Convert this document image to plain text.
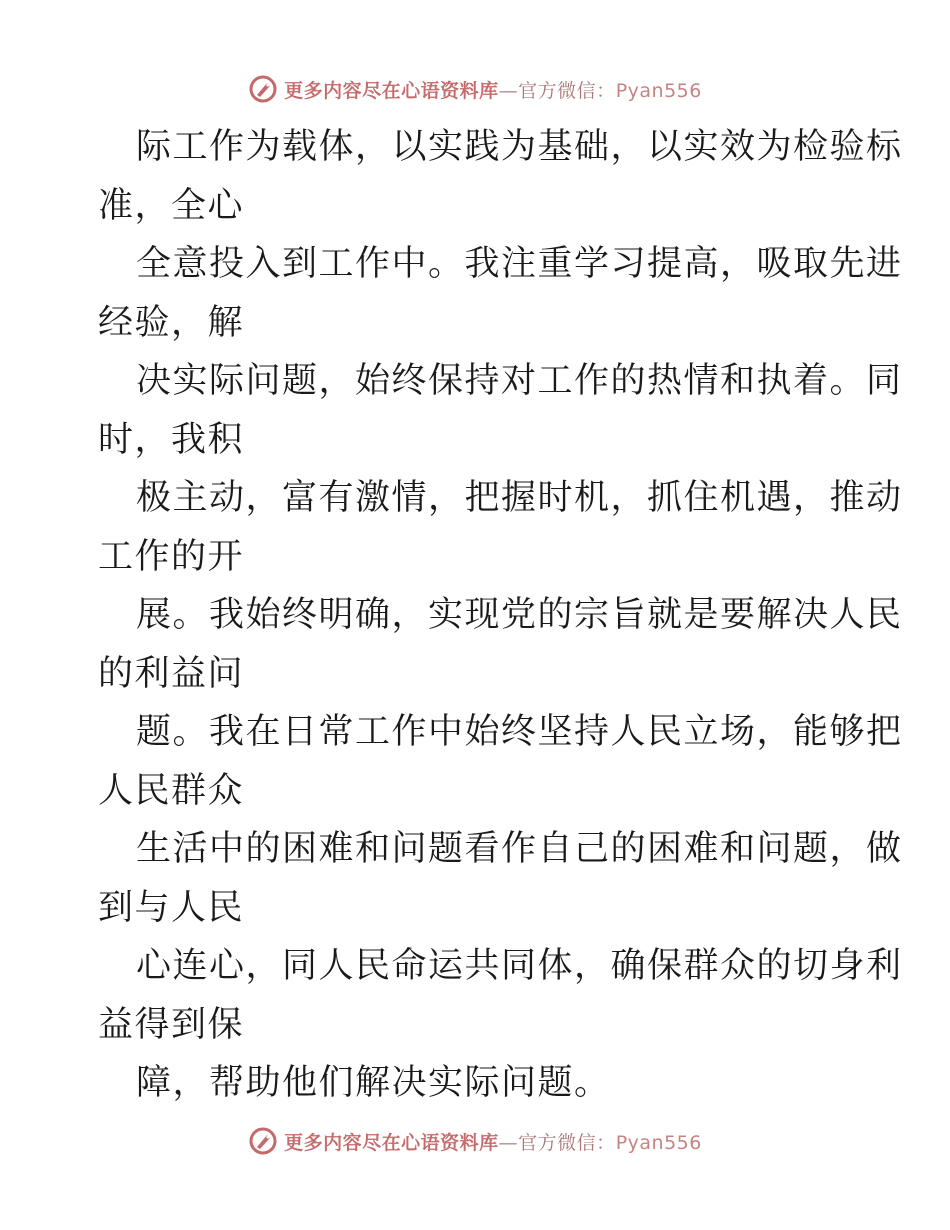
更多内容尽在心语资料库—官方微信：Pyan556
际工作为载体，以实践为基础，以实效为检验标
准，全心
全意投入到工作中。我注重学习提高，吸取先进
经验，解
决实际问题，始终保持对工作的热情和执着。同
时，我积
极主动，富有激情，把握时机，抓住机遇，推动
工作的开
展。我始终明确，实现党的宗旨就是要解决人民
的利益问
题。我在日常工作中始终坚持人民立场，能够把
人民群众
生活中的困难和问题看作自己的困难和问题，做
到与人民
心连心，同人民命运共同体，确保群众的切身利
益得到保
障，帮助他们解决实际问题。
更多内容尽在心语资料库—官方微信：Pyan556
